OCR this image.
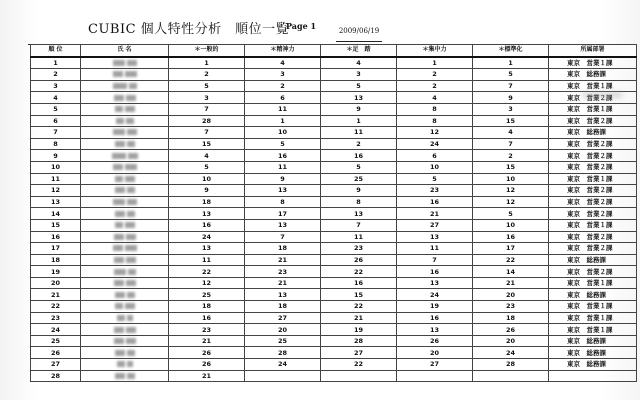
CUBIC 個人特性分析　順位一覧
Page 1	2009/06/19
順 位	氏 名	＊一般的	＊精神力	＊足　踏	＊集中力	＊標準化	所属部署
1		1	4	4	1	1	東京　営業１課
2		2	3	3	2	5	東京　総務課
3		5	2	5	2	7	東京　営業１課
4		3	6	13	4	9	東京　営業２課
5		7	11	9	8	3	東京　営業１課
6		28	1	1	8	15	東京　営業２課
7		7	10	11	12	4	東京　総務課
8		15	5	2	24	7	東京　営業２課
9		4	16	16	6	2	東京　営業２課
10		5	11	5	10	15	東京　営業２課
11		10	9	25	5	10	東京　営業１課
12		9	13	9	23	12	東京　営業２課
13		18	8	8	16	12	東京　営業２課
14		13	17	13	21	5	東京　営業２課
15		16	13	7	27	10	東京　営業１課
16		24	7	11	13	16	東京　営業２課
17		13	18	23	11	17	東京　営業２課
18		11	21	26	7	22	東京　総務課
19		22	23	22	16	14	東京　営業２課
20		12	21	16	13	21	東京　営業１課
21		25	13	15	24	20	東京　総務課
22		18	18	22	19	23	東京　営業１課
23		16	27	21	16	18	東京　営業１課
24		23	20	19	13	26	東京　営業１課
25		21	25	28	26	20	東京　総務課
26		26	28	27	20	24	東京　総務課
27		26	24	22	27	28	東京　総務課
28		21					
